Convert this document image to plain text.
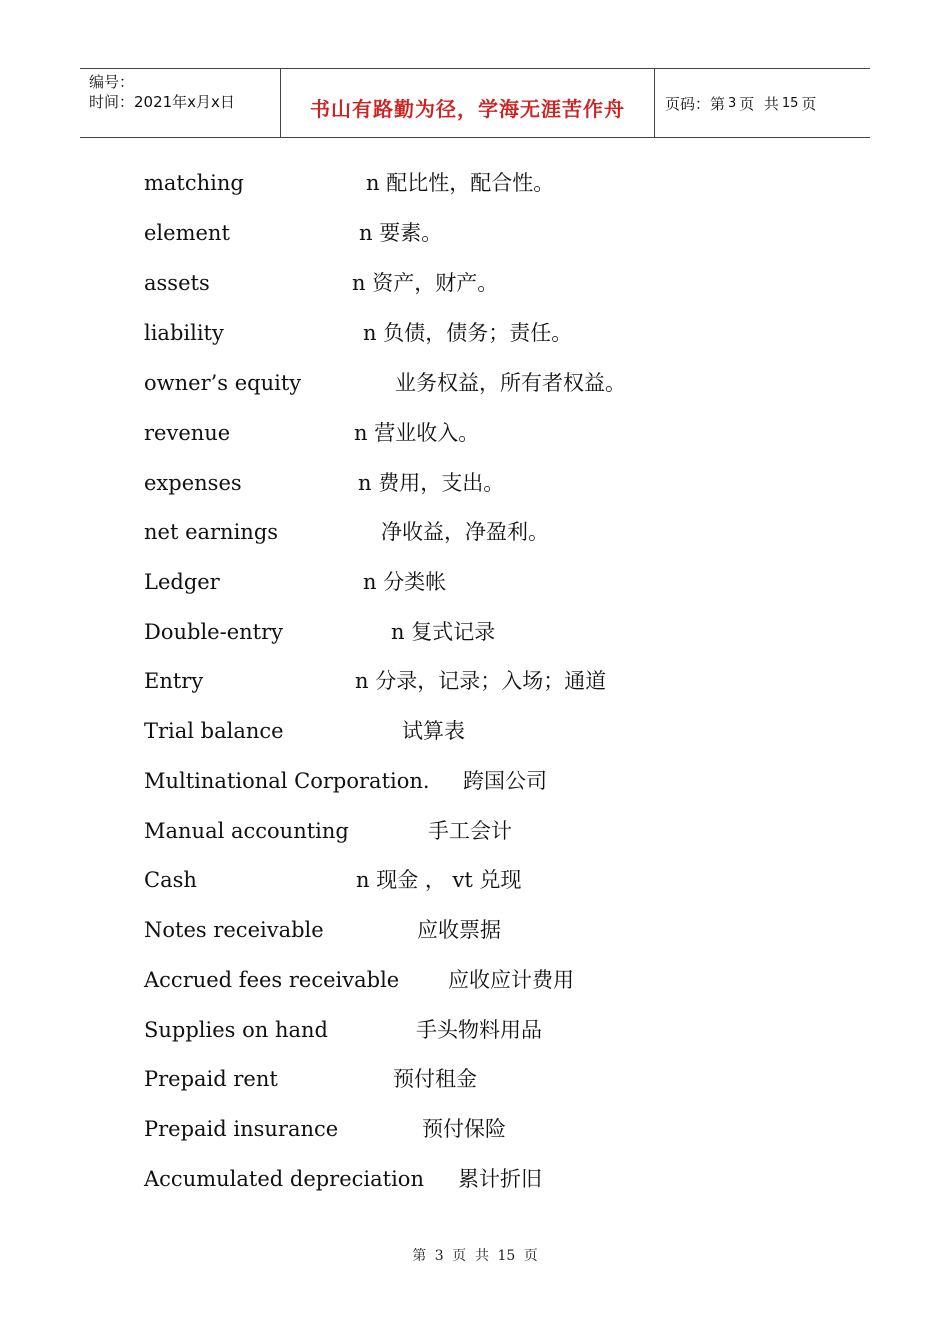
编号：
时间：2021年x月x日	书山有路勤为径，学海无涯苦作舟	页码：第 3 页  共 15 页
matching	n 配比性，配合性。
element	n 要素。
assets	n 资产，财产。
liability	n 负债，债务；责任。
owner’s equity	业务权益，所有者权益。
revenue	n 营业收入。
expenses	n 费用，支出。
net earnings	净收益，净盈利。
Ledger	n 分类帐
Double-entry	n 复式记录
Entry	n 分录，记录；入场；通道
Trial balance	试算表
Multinational Corporation. 跨国公司
Manual accounting	手工会计
Cash	n 现金 ， vt 兑现
Notes receivable	应收票据
Accrued fees receivable 应收应计费用
Supplies on hand	手头物料用品
Prepaid rent	预付租金
Prepaid insurance	预付保险
Accumulated depreciation 累计折旧
第 3 页  共 15 页
